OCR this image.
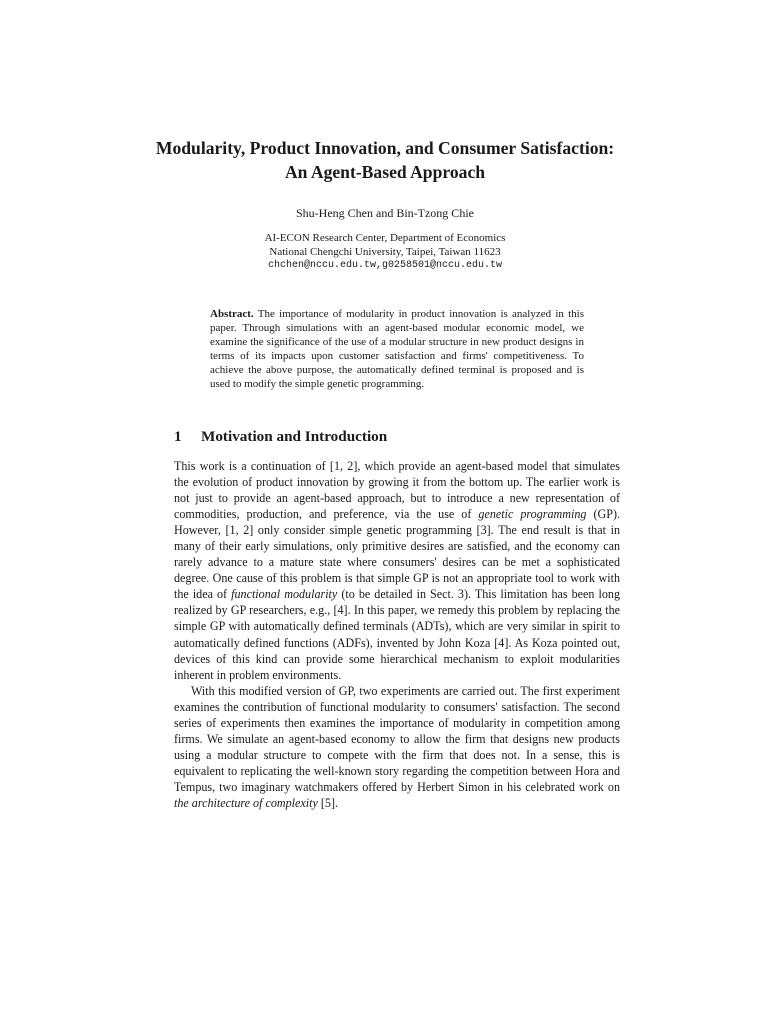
Modularity, Product Innovation, and Consumer Satisfaction: An Agent-Based Approach
Shu-Heng Chen and Bin-Tzong Chie
AI-ECON Research Center, Department of Economics
National Chengchi University, Taipei, Taiwan 11623
chchen@nccu.edu.tw,g0258501@nccu.edu.tw

Abstract. The importance of modularity in product innovation is analyzed in this paper. Through simulations with an agent-based modular economic model, we examine the significance of the use of a modular structure in new product designs in terms of its impacts upon customer satisfaction and firms' competitiveness. To achieve the above purpose, the automatically defined terminal is proposed and is used to modify the simple genetic programming.

1 Motivation and Introduction

This work is a continuation of [1, 2], which provide an agent-based model that simulates the evolution of product innovation by growing it from the bottom up. The earlier work is not just to provide an agent-based approach, but to introduce a new representation of commodities, production, and preference, via the use of genetic programming (GP). However, [1, 2] only consider simple genetic programming [3]. The end result is that in many of their early simulations, only primitive desires are satisfied, and the economy can rarely advance to a mature state where consumers' desires can be met a sophisticated degree. One cause of this problem is that simple GP is not an appropriate tool to work with the idea of functional modularity (to be detailed in Sect. 3). This limitation has been long realized by GP researchers, e.g., [4]. In this paper, we remedy this problem by replacing the simple GP with automatically defined terminals (ADTs), which are very similar in spirit to automatically defined functions (ADFs), invented by John Koza [4]. As Koza pointed out, devices of this kind can provide some hierarchical mechanism to exploit modularities inherent in problem environments.

With this modified version of GP, two experiments are carried out. The first experiment examines the contribution of functional modularity to consumers' satisfaction. The second series of experiments then examines the importance of modularity in competition among firms. We simulate an agent-based economy to allow the firm that designs new products using a modular structure to compete with the firm that does not. In a sense, this is equivalent to replicating the well-known story regarding the competition between Hora and Tempus, two imaginary watchmakers offered by Herbert Simon in his celebrated work on the architecture of complexity [5].
